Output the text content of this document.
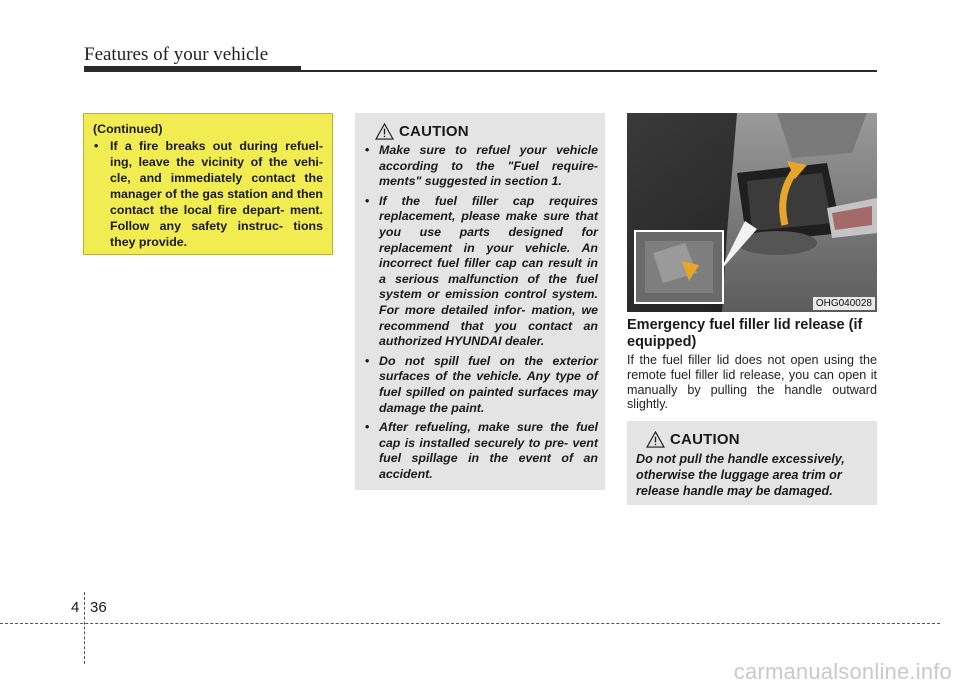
Features of your vehicle
(Continued)
• If a fire breaks out during refuel- ing, leave the vicinity of the vehi- cle, and immediately contact the manager of the gas station and then contact the local fire depart- ment. Follow any safety instruc- tions they provide.
CAUTION
• Make sure to refuel your vehicle according to the "Fuel require- ments" suggested in section 1.
• If the fuel filler cap requires replacement, please make sure that you use parts designed for replacement in your vehicle. An incorrect fuel filler cap can result in a serious malfunction of the fuel system or emission control system. For more detailed infor- mation, we recommend that you contact an authorized HYUNDAI dealer.
• Do not spill fuel on the exterior surfaces of the vehicle. Any type of fuel spilled on painted surfaces may damage the paint.
• After refueling, make sure the fuel cap is installed securely to pre- vent fuel spillage in the event of an accident.
OHG040028
Emergency fuel filler lid release (if equipped)
If the fuel filler lid does not open using the remote fuel filler lid release, you can open it manually by pulling the handle outward slightly.
CAUTION

Do not pull the handle excessively, otherwise the luggage area trim or release handle may be damaged.

4 36
carmanualsonline.info
